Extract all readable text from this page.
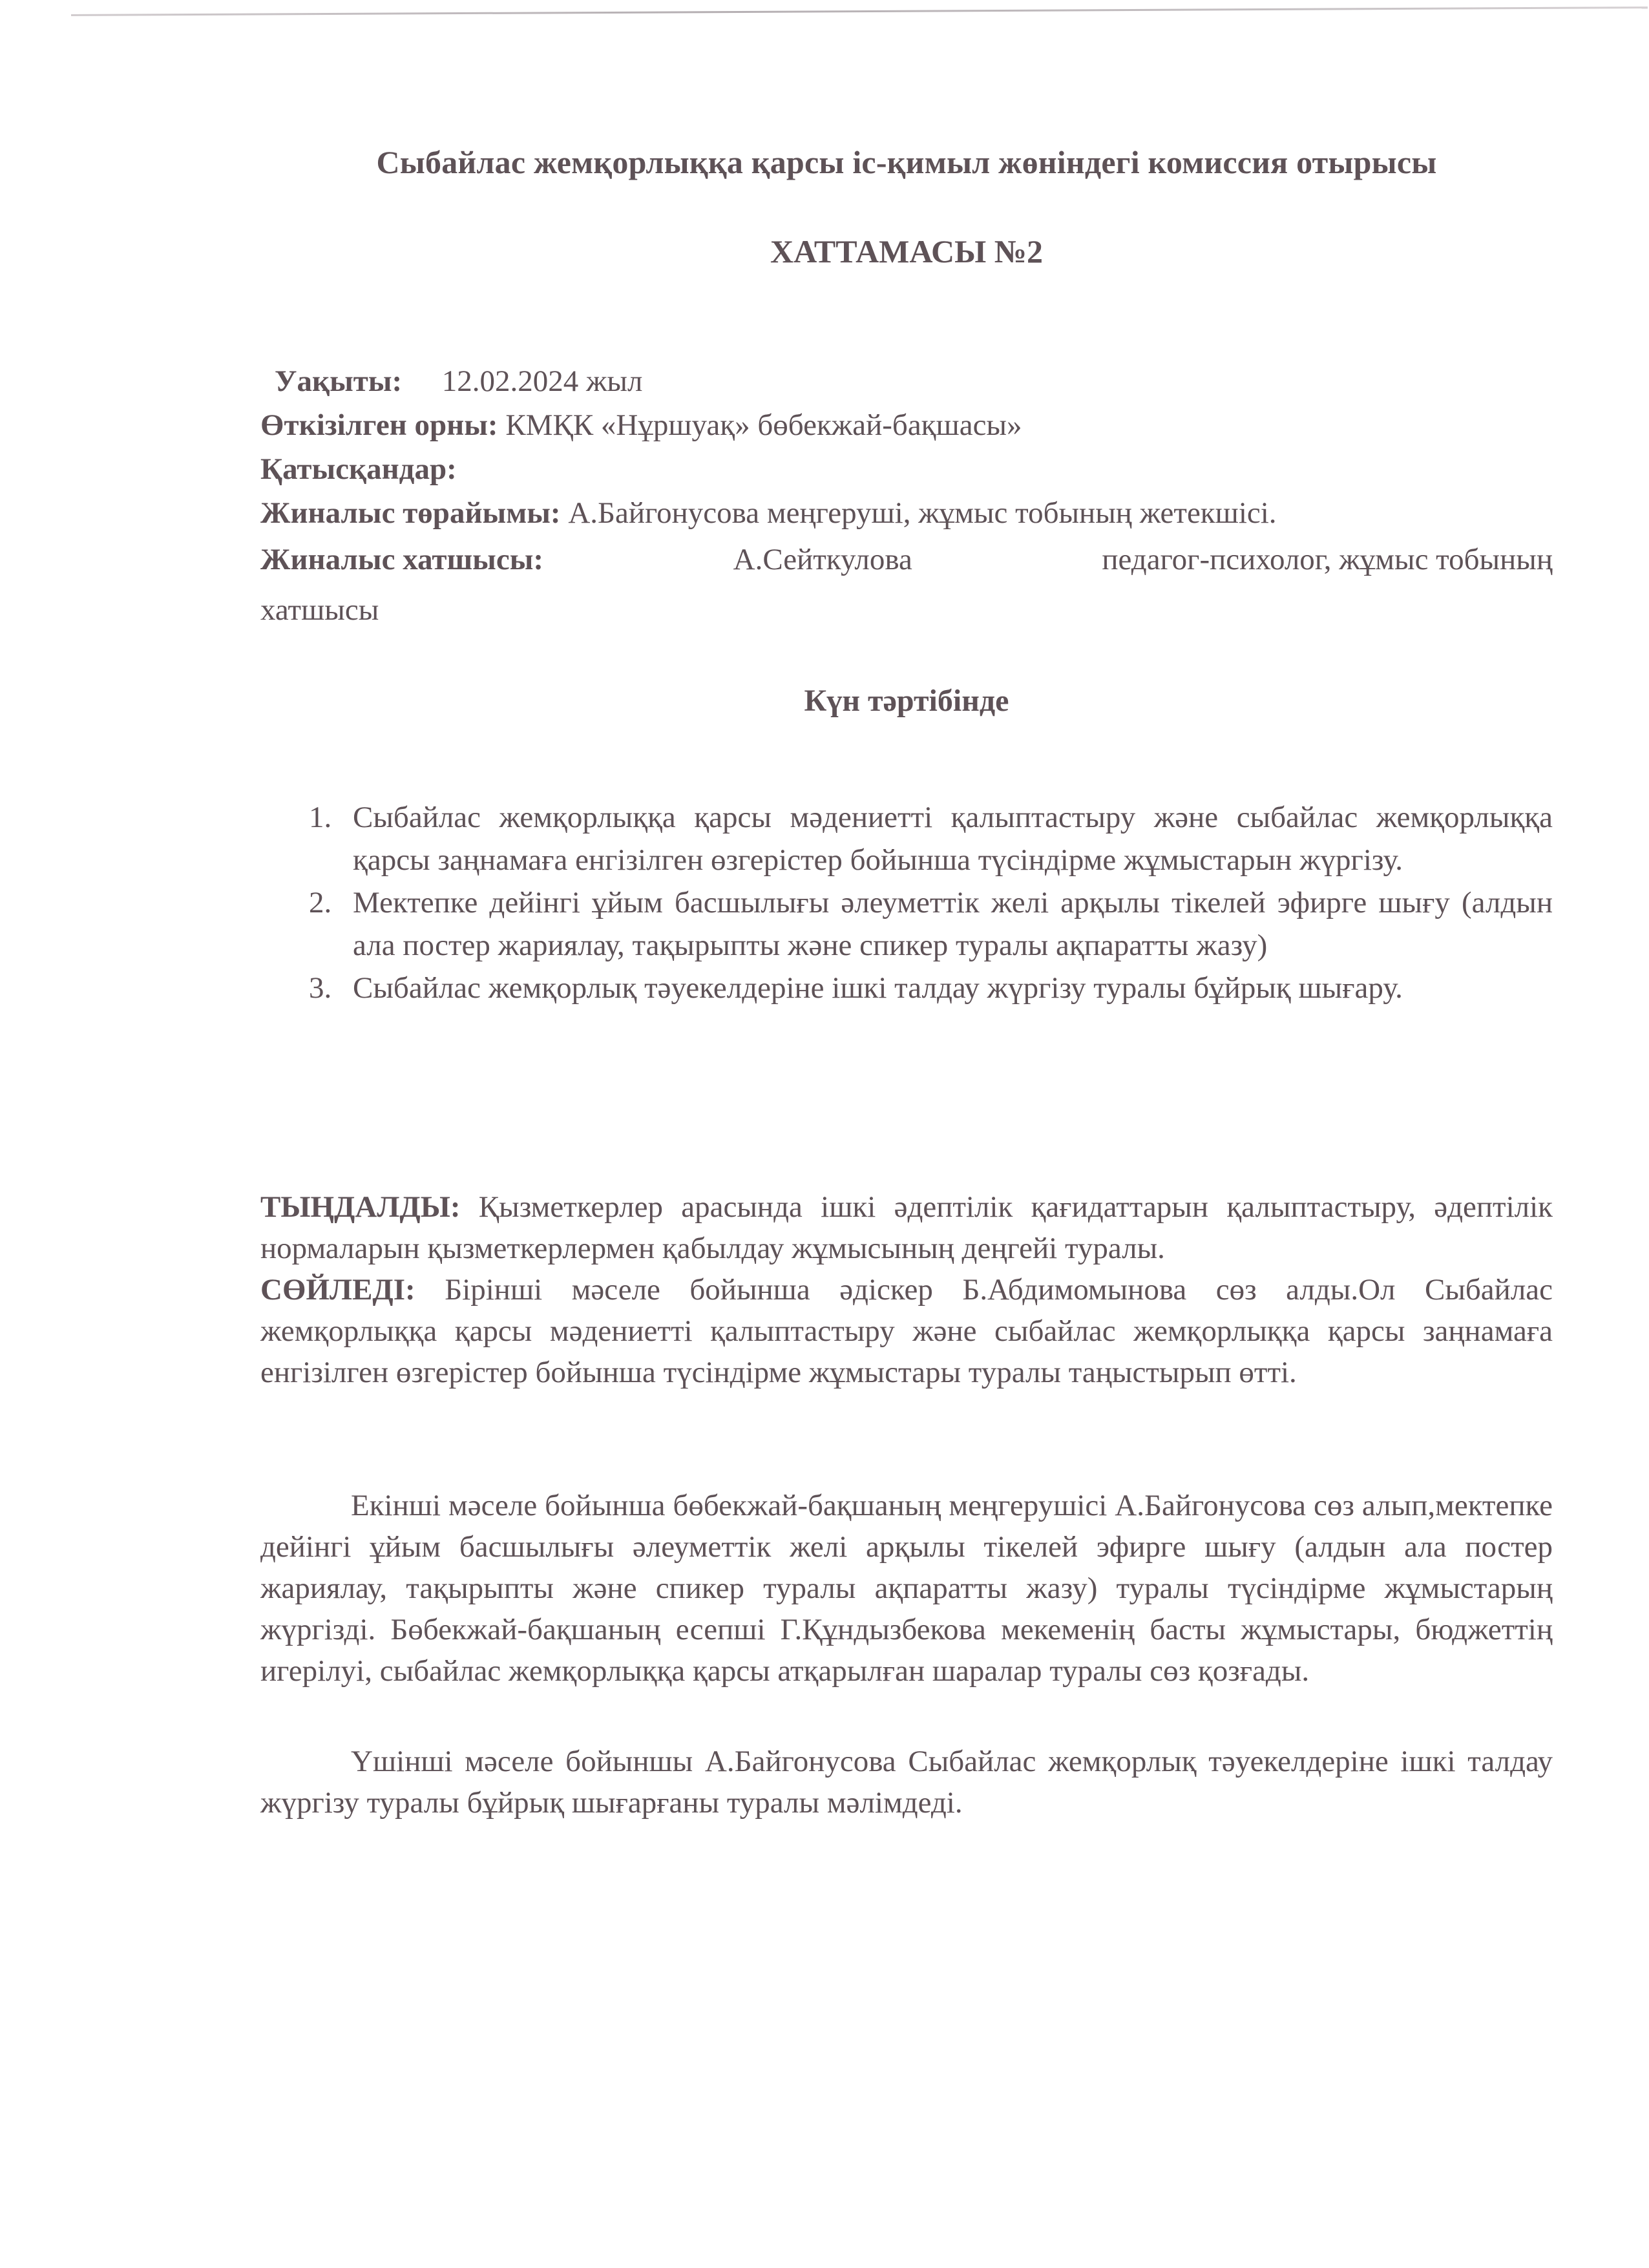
Сыбайлас жемқорлыққа қарсы іс-қимыл жөніндегі комиссия отырысы
ХАТТАМАСЫ №2
Уақыты: 12.02.2024 жыл
Өткізілген орны: КМҚК «Нұршуақ» бөбекжай-бақшасы»
Қатысқандар:
Жиналыс төрайымы: А.Байгонусова меңгеруші, жұмыс тобының жетекшісі.
Жиналыс хатшысы:	А.Сейткулова	педагог-психолог, жұмыс тобының
хатшысы
Күн тәртібінде
1. Сыбайлас жемқорлыққа қарсы мәдениетті қалыптастыру және сыбайлас жемқорлыққа қарсы заңнамаға енгізілген өзгерістер бойынша түсіндірме жұмыстарын жүргізу.
2. Мектепке дейінгі ұйым басшылығы әлеуметтік желі арқылы тікелей эфирге шығу (алдын ала постер жариялау, тақырыпты және спикер туралы ақпаратты жазу)
3. Сыбайлас жемқорлық тәуекелдеріне ішкі талдау жүргізу туралы бұйрық шығару.
ТЫҢДАЛДЫ: Қызметкерлер арасында ішкі әдептілік қағидаттарын қалыптастыру, әдептілік нормаларын қызметкерлермен қабылдау жұмысының деңгейі туралы.
СӨЙЛЕДІ: Бірінші мәселе бойынша әдіскер Б.Абдимомынова сөз алды.Ол Сыбайлас жемқорлыққа қарсы мәдениетті қалыптастыру және сыбайлас жемқорлыққа қарсы заңнамаға енгізілген өзгерістер бойынша түсіндірме жұмыстары туралы таңыстырып өтті.
Екінші мәселе бойынша бөбекжай-бақшаның меңгерушісі А.Байгонусова сөз алып,мектепке дейінгі ұйым басшылығы әлеуметтік желі арқылы тікелей эфирге шығу (алдын ала постер жариялау, тақырыпты және спикер туралы ақпаратты жазу) туралы түсіндірме жұмыстарың жүргізді. Бөбекжай-бақшаның есепші Г.Құндызбекова мекеменің басты жұмыстары, бюджеттің игерілуі, сыбайлас жемқорлыққа қарсы атқарылған шаралар туралы сөз қозғады.
Үшінші мәселе бойыншы А.Байгонусова Сыбайлас жемқорлық тәуекелдеріне ішкі талдау жүргізу туралы бұйрық шығарғаны туралы мәлімдеді.
